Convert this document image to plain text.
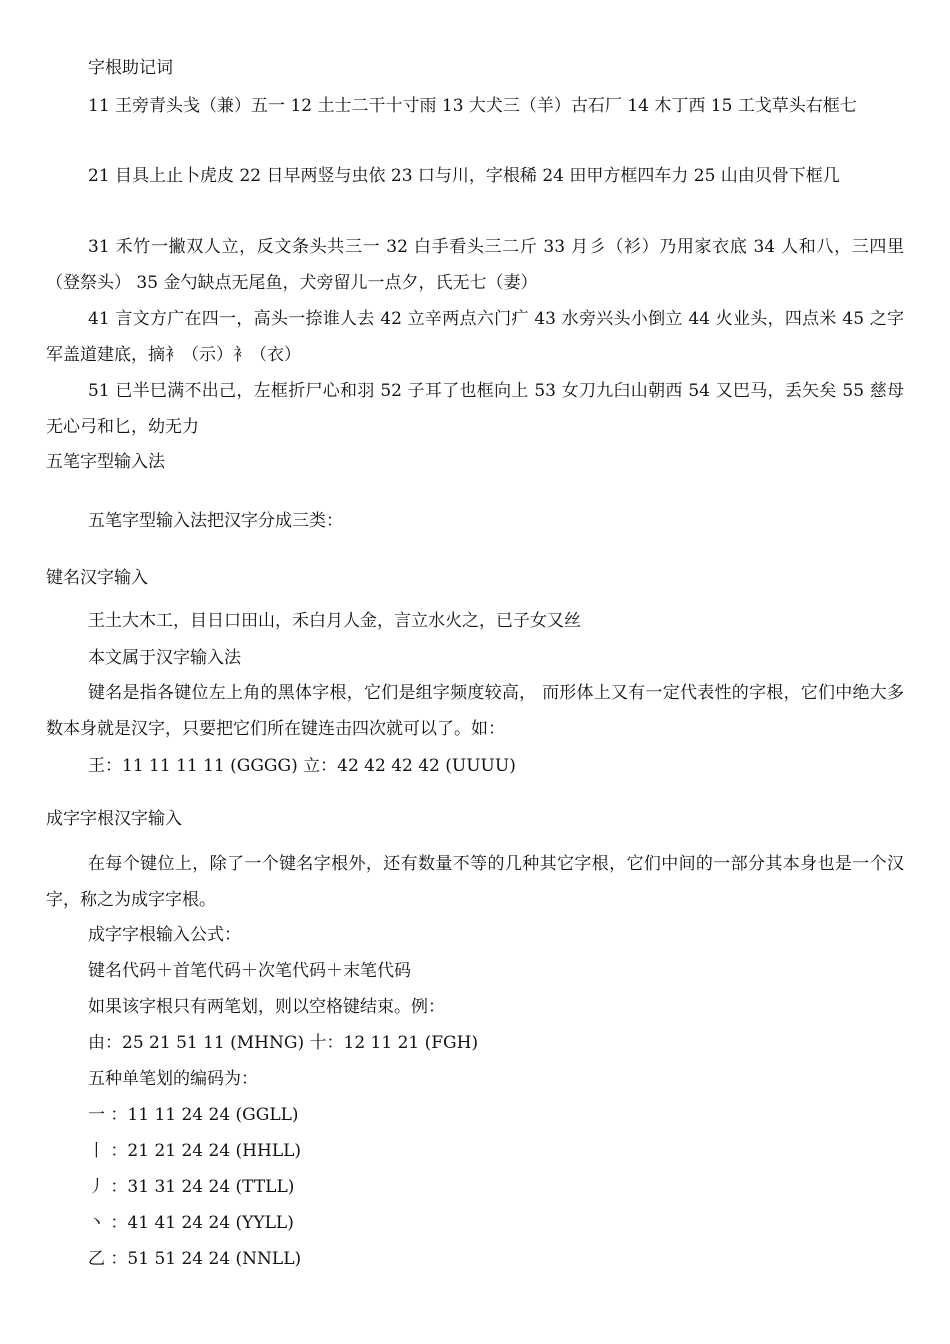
字根助记词
11 王旁青头戋（兼）五一 12 土士二干十寸雨 13 大犬三（羊）古石厂 14 木丁西 15 工戈草头右框七
21 目具上止卜虎皮 22 日早两竖与虫依 23 口与川，字根稀 24 田甲方框四车力 25 山由贝骨下框几
31 禾竹一撇双人立，反文条头共三一 32 白手看头三二斤 33 月彡（衫）乃用家衣底 34 人和八，三四里（登祭头） 35 金勺缺点无尾鱼，犬旁留儿一点夕，氏无七（妻）
41 言文方广在四一，高头一捺谁人去 42 立辛两点六门疒 43 水旁兴头小倒立 44 火业头，四点米 45 之字军盖道建底，摘衤（示）衤（衣）
51 已半巳满不出己，左框折尸心和羽 52 子耳了也框向上 53 女刀九臼山朝西 54 又巴马，丢矢矣 55 慈母无心弓和匕，幼无力
五笔字型输入法
五笔字型输入法把汉字分成三类：
键名汉字输入
王土大木工，目日口田山，禾白月人金，言立水火之，已子女又丝
本文属于汉字输入法
键名是指各键位左上角的黑体字根，它们是组字频度较高， 而形体上又有一定代表性的字根，它们中绝大多数本身就是汉字，只要把它们所在键连击四次就可以了。如：
王：11 11 11 11 (GGGG) 立：42 42 42 42 (UUUU)
成字字根汉字输入
在每个键位上，除了一个键名字根外，还有数量不等的几种其它字根，它们中间的一部分其本身也是一个汉字，称之为成字字根。
成字字根输入公式：
键名代码＋首笔代码＋次笔代码＋末笔代码
如果该字根只有两笔划，则以空格键结束。例：
由：25 21 51 11 (MHNG) 十：12 11 21 (FGH)
五种单笔划的编码为：
一 ：11 11 24 24 (GGLL)
丨 ：21 21 24 24 (HHLL)
丿 ：31 31 24 24 (TTLL)
丶 ：41 41 24 24 (YYLL)
乙 ：51 51 24 24 (NNLL)
